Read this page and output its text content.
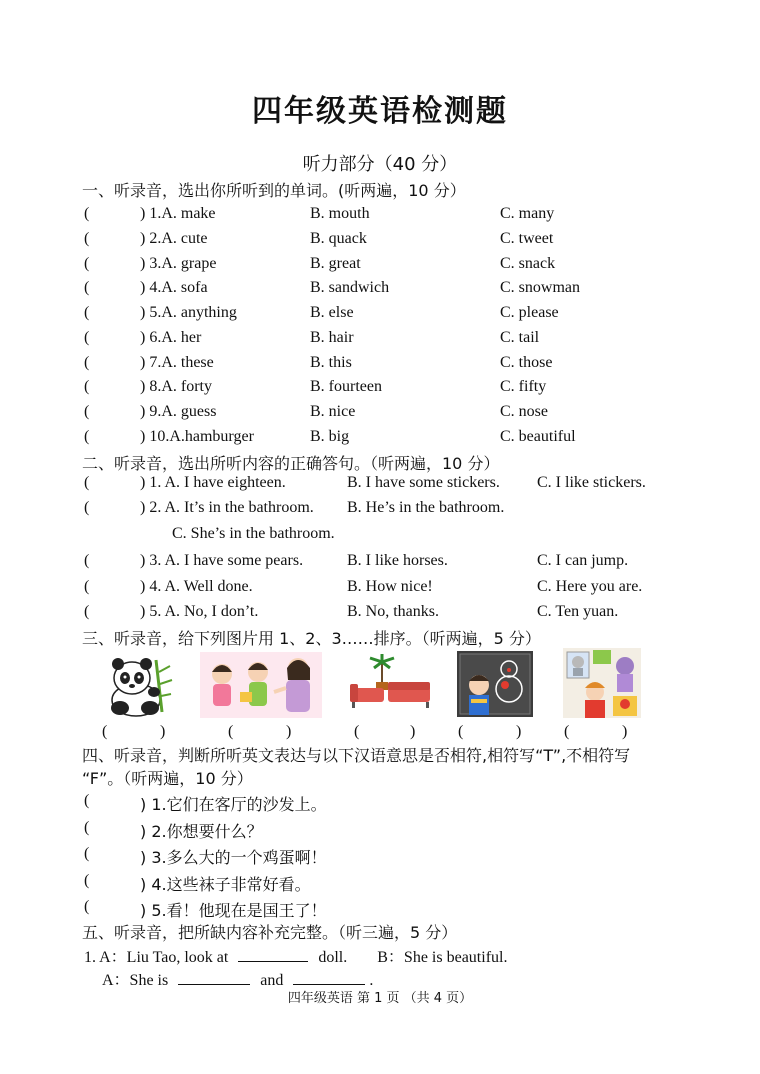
四年级英语检测题
听力部分（40 分）
一、听录音，选出你所听到的单词。(听两遍，10 分）
(	) 1.A. make	B. mouth	C. many
(	) 2.A. cute	B. quack	C. tweet
(	) 3.A. grape	B. great	C. snack
(	) 4.A. sofa	B. sandwich	C. snowman
(	) 5.A. anything	B. else	C. please
(	) 6.A. her	B. hair	C. tail
(	) 7.A. these	B. this	C. those
(	) 8.A. forty	B. fourteen	C. fifty
(	) 9.A. guess	B. nice	C. nose
(	) 10.A.hamburger	B. big	C. beautiful
二、听录音，选出所听内容的正确答句。（听两遍，10 分）
(	) 1. A. I have eighteen.	B. I have some stickers. C. I like stickers.
(	) 2. A. It’s in the bathroom. B. He’s in the bathroom.
C. She’s in the bathroom.
(	) 3. A. I have some pears.	B. I like horses.	C. I can jump.
(	) 4. A. Well done.	B. How nice!	C. Here you are.
(	) 5. A. No, I don’t.	B. No, thanks.	C. Ten yuan.
三、听录音，给下列图片用 1、2、3……排序。（听两遍，5 分）
(	)	(	)	(	)	(	)	(	)
四、听录音，判断所听英文表达与以下汉语意思是否相符,相符写“T”,不相符写
“F”。（听两遍，10 分）
(	) 1.它们在客厅的沙发上。
(	) 2.你想要什么？
(	) 3.多么大的一个鸡蛋啊！
(	) 4.这些袜子非常好看。
(	) 5.看！他现在是国王了！
五、听录音，把所缺内容补充完整。（听三遍，5 分）
1. A：Liu Tao, look at	doll. B：She is beautiful.
A：She is	and	.
四年级英语 第 1 页 （共 4 页）
